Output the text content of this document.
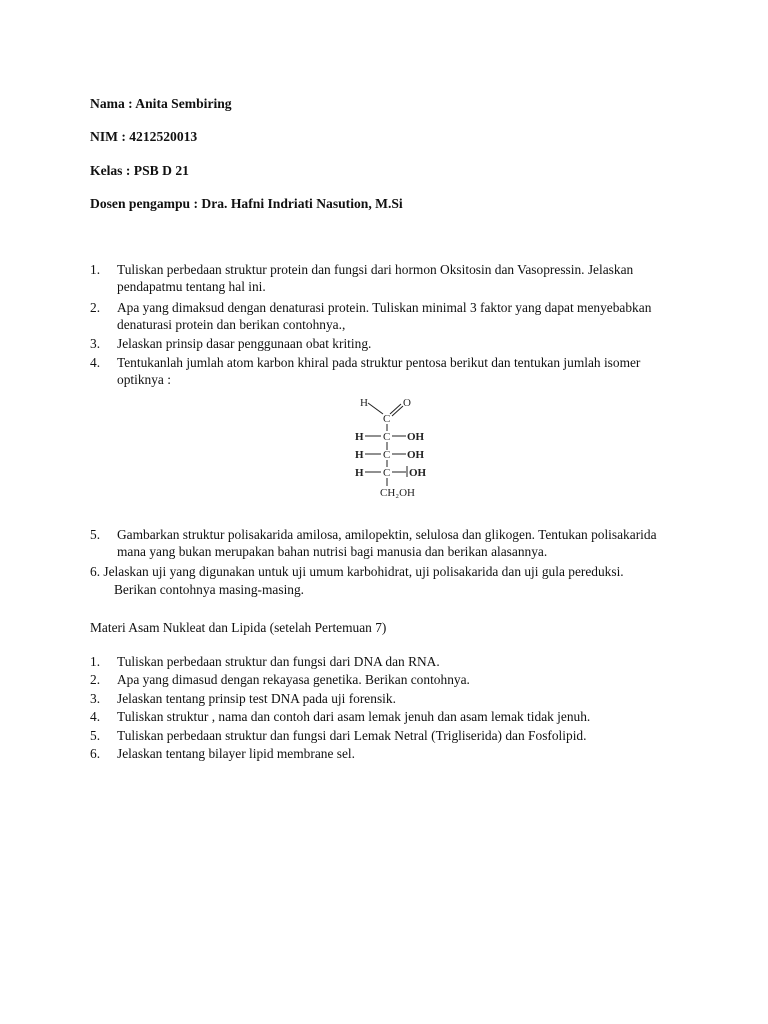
Nama : Anita Sembiring
NIM : 4212520013
Kelas : PSB D 21
Dosen pengampu : Dra. Hafni Indriati Nasution, M.Si
1. Tuliskan perbedaan struktur protein dan fungsi dari hormon Oksitosin dan Vasopressin. Jelaskan
pendapatmu tentang hal ini.
2. Apa yang dimaksud dengan denaturasi protein. Tuliskan minimal 3 faktor yang dapat menyebabkan
denaturasi protein dan berikan contohnya.,
3. Jelaskan prinsip dasar penggunaan obat kriting.
4. Tentukanlah jumlah atom karbon khiral pada struktur pentosa berikut dan tentukan jumlah isomer
optiknya :
H	O
C
H C OH
H C OH
H C OH
CH₂OH
5. Gambarkan struktur polisakarida amilosa, amilopektin, selulosa dan glikogen. Tentukan polisakarida
mana yang bukan merupakan bahan nutrisi bagi manusia dan berikan alasannya.
6. Jelaskan uji yang digunakan untuk uji umum karbohidrat, uji polisakarida dan uji gula pereduksi.
Berikan contohnya masing-masing.
Materi Asam Nukleat dan Lipida (setelah Pertemuan 7)
1. Tuliskan perbedaan struktur dan fungsi dari DNA dan RNA.
2. Apa yang dimasud dengan rekayasa genetika. Berikan contohnya.
3. Jelaskan tentang prinsip test DNA pada uji forensik.
4. Tuliskan struktur , nama dan contoh dari asam lemak jenuh dan asam lemak tidak jenuh.
5. Tuliskan perbedaan struktur dan fungsi dari Lemak Netral (Trigliserida) dan Fosfolipid.
6. Jelaskan tentang bilayer lipid membrane sel.
